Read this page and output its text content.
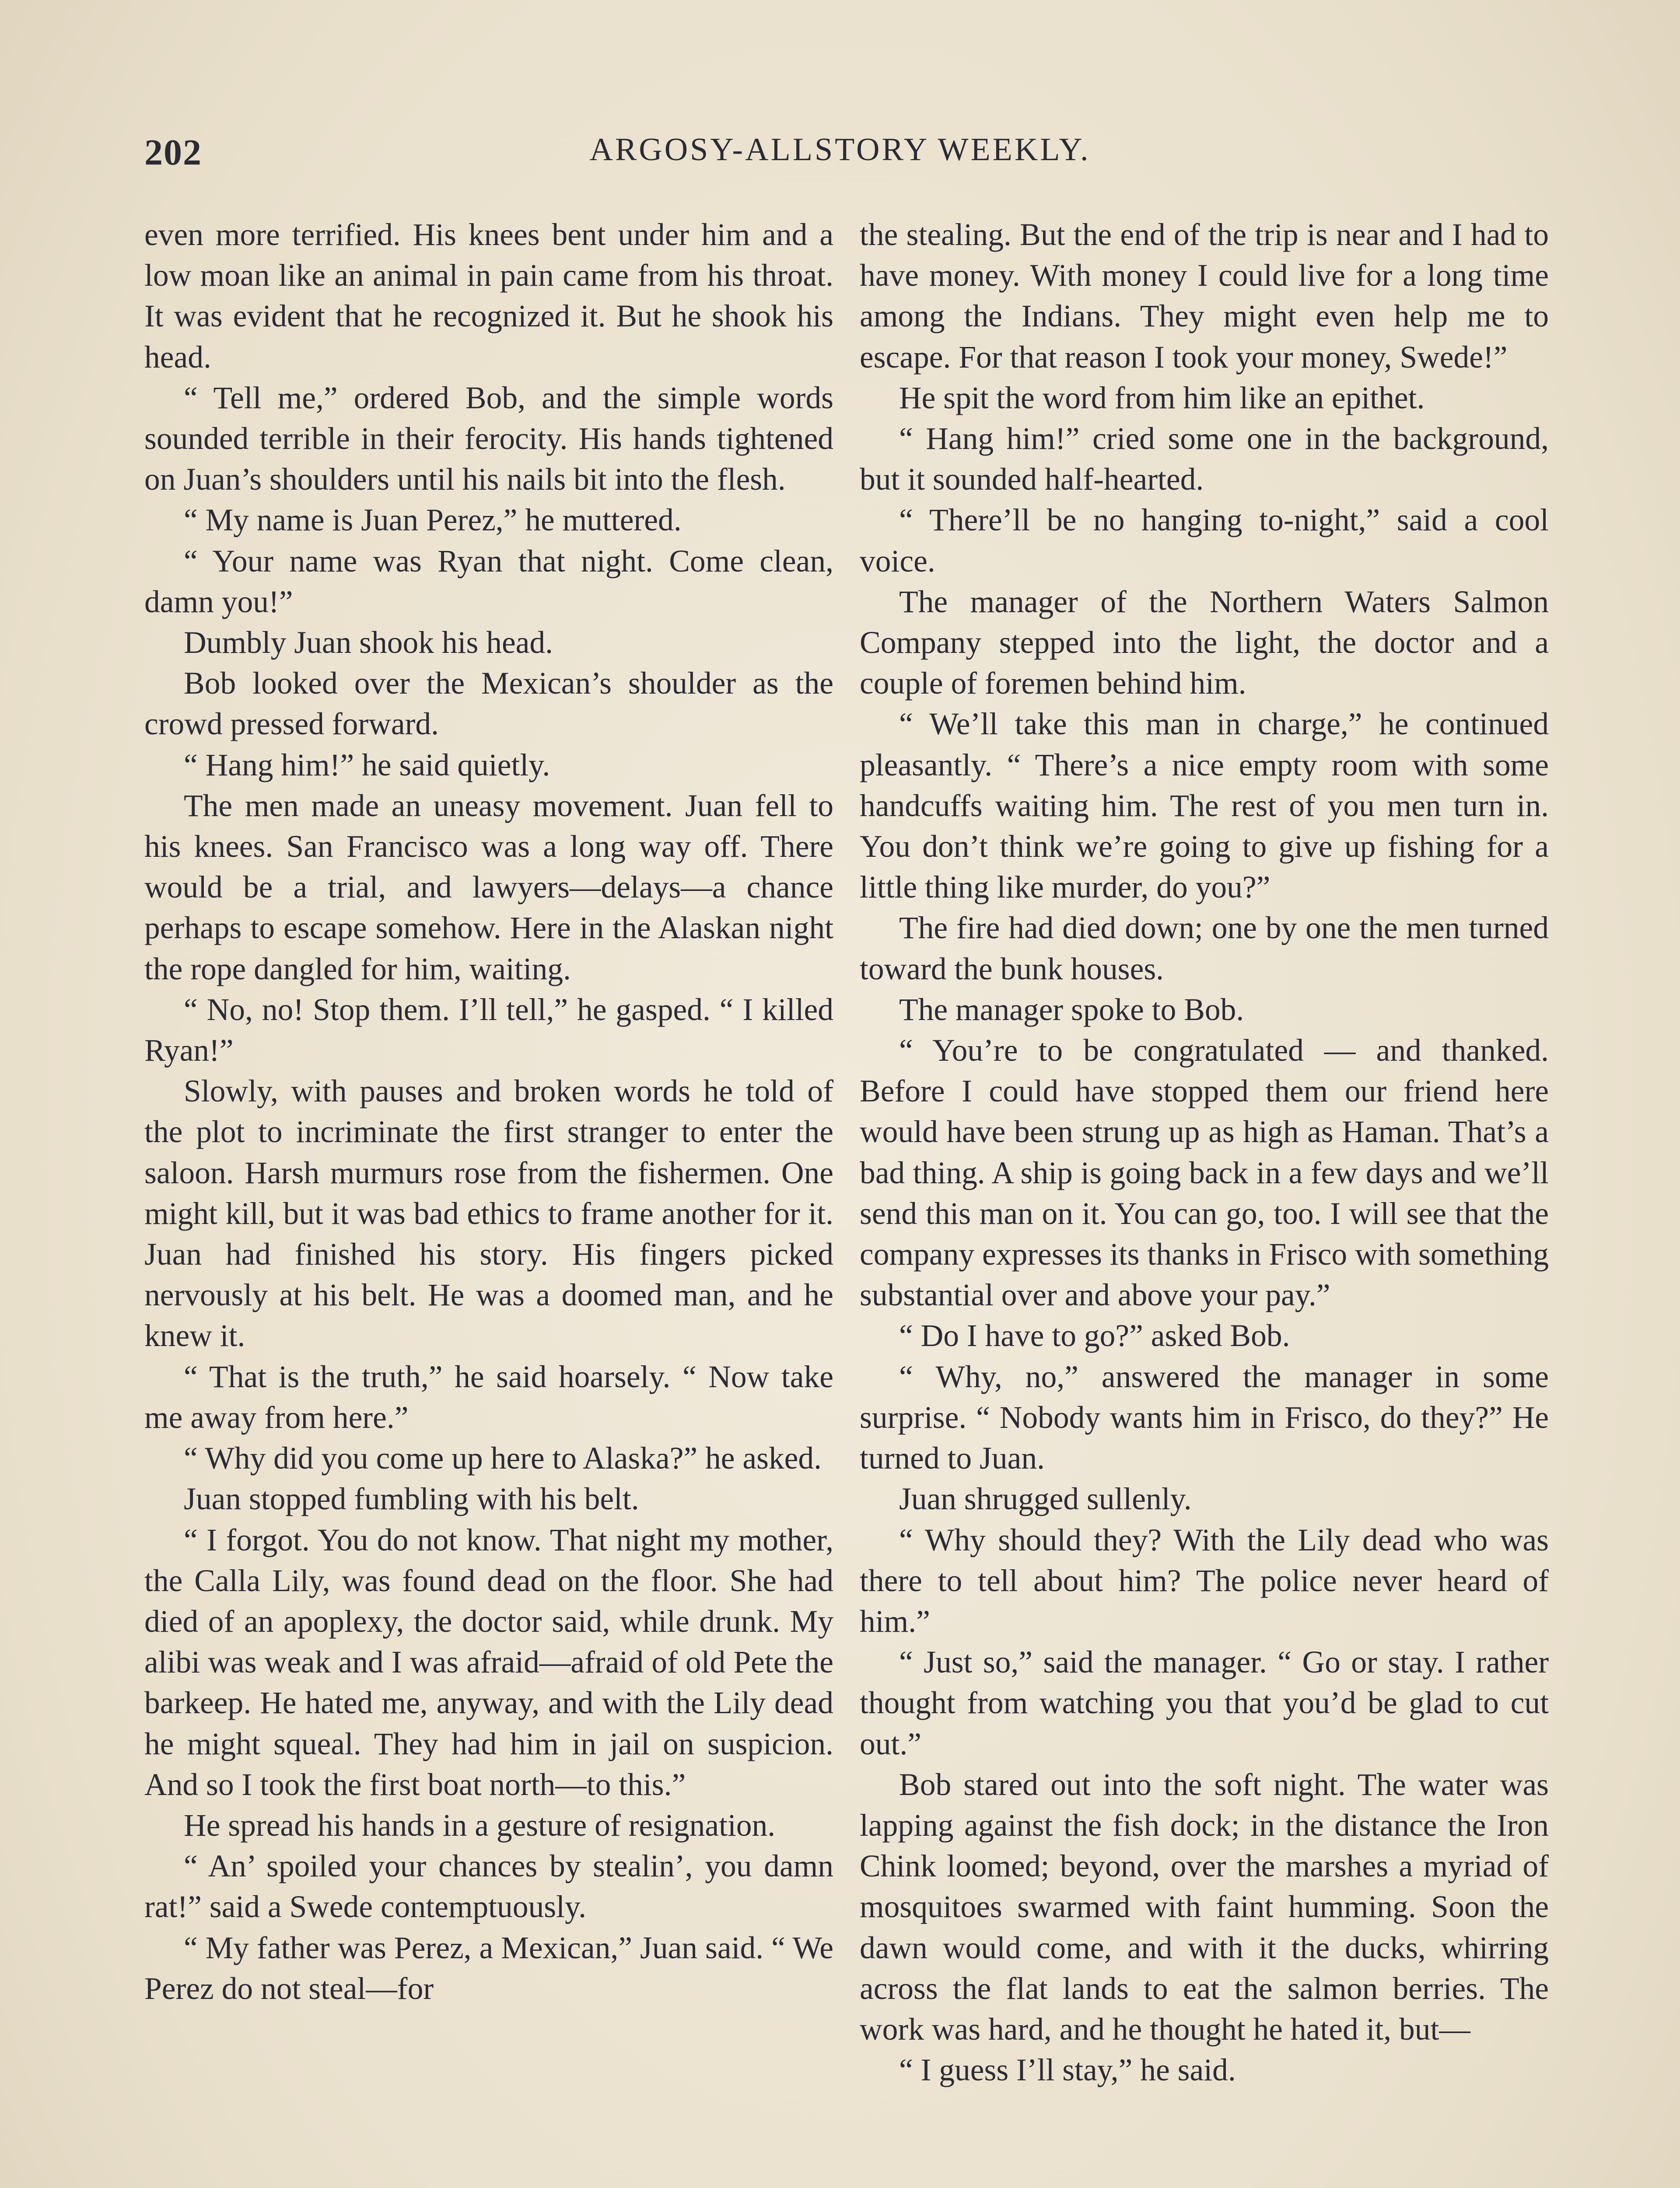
202	ARGOSY-ALLSTORY WEEKLY.

even more terrified. His knees bent under him and a low moan like an animal in pain came from his throat. It was evident that he recognized it. But he shook his head.

“ Tell me,” ordered Bob, and the simple words sounded terrible in their ferocity. His hands tightened on Juan’s shoulders until his nails bit into the flesh.

“ My name is Juan Perez,” he muttered.

“ Your name was Ryan that night. Come clean, damn you!”

Dumbly Juan shook his head.

Bob looked over the Mexican’s shoulder as the crowd pressed forward.

“ Hang him!” he said quietly.

The men made an uneasy movement. Juan fell to his knees. San Francisco was a long way off. There would be a trial, and lawyers—delays—a chance perhaps to escape somehow. Here in the Alaskan night the rope dangled for him, waiting.

“ No, no! Stop them. I’ll tell,” he gasped. “ I killed Ryan!”

Slowly, with pauses and broken words he told of the plot to incriminate the first stranger to enter the saloon. Harsh murmurs rose from the fishermen. One might kill, but it was bad ethics to frame another for it. Juan had finished his story. His fingers picked nervously at his belt. He was a doomed man, and he knew it.

“ That is the truth,” he said hoarsely. “ Now take me away from here.”

“ Why did you come up here to Alaska?” he asked.

Juan stopped fumbling with his belt.

“ I forgot. You do not know. That night my mother, the Calla Lily, was found dead on the floor. She had died of an apoplexy, the doctor said, while drunk. My alibi was weak and I was afraid—afraid of old Pete the barkeep. He hated me, anyway, and with the Lily dead he might squeal. They had him in jail on suspicion. And so I took the first boat north—to this.”

He spread his hands in a gesture of resignation.

“ An’ spoiled your chances by stealin’, you damn rat!” said a Swede contemptuously.

“ My father was Perez, a Mexican,” Juan said. “ We Perez do not steal—for

the stealing. But the end of the trip is near and I had to have money. With money I could live for a long time among the Indians. They might even help me to escape. For that reason I took your money, Swede!”

He spit the word from him like an epithet.

“ Hang him!” cried some one in the background, but it sounded half-hearted.

“ There’ll be no hanging to-night,” said a cool voice.

The manager of the Northern Waters Salmon Company stepped into the light, the doctor and a couple of foremen behind him.

“ We’ll take this man in charge,” he continued pleasantly. “ There’s a nice empty room with some handcuffs waiting him. The rest of you men turn in. You don’t think we’re going to give up fishing for a little thing like murder, do you?”

The fire had died down; one by one the men turned toward the bunk houses.

The manager spoke to Bob.

“ You’re to be congratulated — and thanked. Before I could have stopped them our friend here would have been strung up as high as Haman. That’s a bad thing. A ship is going back in a few days and we’ll send this man on it. You can go, too. I will see that the company expresses its thanks in Frisco with something substantial over and above your pay.”

“ Do I have to go?” asked Bob.

“ Why, no,” answered the manager in some surprise. “ Nobody wants him in Frisco, do they?” He turned to Juan.

Juan shrugged sullenly.

“ Why should they? With the Lily dead who was there to tell about him? The police never heard of him.”

“ Just so,” said the manager. “ Go or stay. I rather thought from watching you that you’d be glad to cut out.”

Bob stared out into the soft night. The water was lapping against the fish dock; in the distance the Iron Chink loomed; beyond, over the marshes a myriad of mosquitoes swarmed with faint humming. Soon the dawn would come, and with it the ducks, whirring across the flat lands to eat the salmon berries. The work was hard, and he thought he hated it, but—

“ I guess I’ll stay,” he said.
